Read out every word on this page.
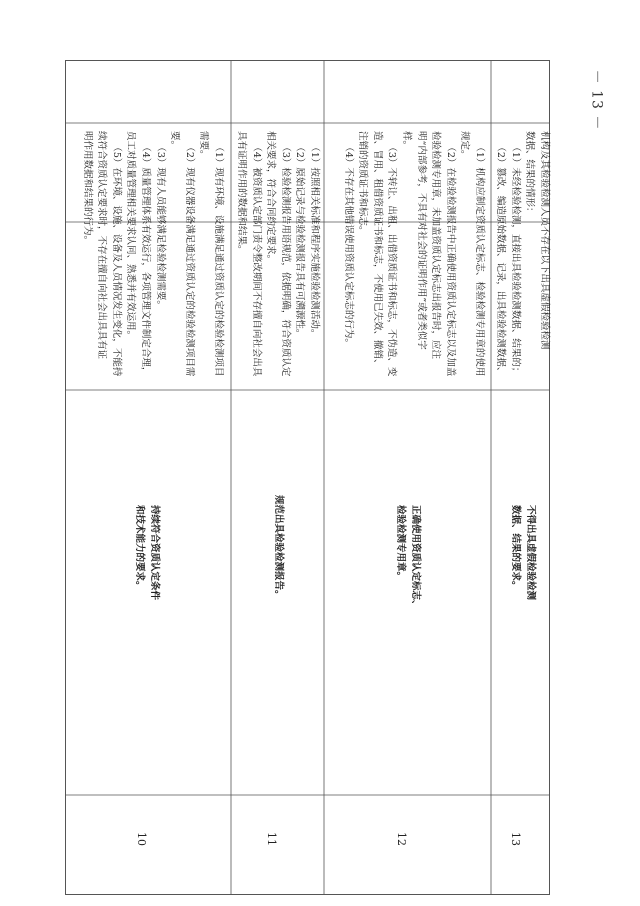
－ 13 －
10

持续符合资质认定条件

和技术能力的要求。

（1）现有环境、设施满足通过资质认定的检验检测项目

需要。

（2）现有仪器设备满足通过资质认定的检验检测项目需

要。

（3）现有人员能够满足检验检测需要。

（4）质量管理体系有效运行，各项管理文件制定合理，

员工对质量管理相关要求认同、熟悉并有效运用。

（5）在环境、设施、设备及人员情况发生变化，不能持

续符合资质认定要求时，不存在擅自向社会出具具有证

明作用数据和结果的行为。

11

规范出具检验检测报告。

（1）按照相关标准和程序实施检验检测活动。

（2）原始记录与检验检测报告具有可溯源性。

（3）检验检测报告用语规范，依据明确，符合资质认定

相关要求，符合合同约定要求。

（4）被资质认定部门责令整改期间不存擅自向社会出具

具有证明作用的数据和结果。

12

正确使用资质认定标志、

检验检测专用章。

（1）机构应制定资质认定标志、检验检测专用章的使用

规定。

（2）在检验检测报告中正确使用资质认定标志以及加盖

检验检测专用章，未加盖资质认定标志出报告时，应注

明“内部参考，不具有对社会的证明作用”或者类似字

样。

（3）不转让、出租、出借资质证书和标志，不伪造、变

造、冒用、租借资质证书和标志，不使用已失效、撤销、

注销的资质证书和标志。

（4）不存在其他错误使用资质认定标志的行为。

13

不得出具虚假检验检测

数据、结果的要求。

机构及其检验检测人员不存在以下出具虚假检验检测

数据、结果的情形：

（1）未经检验检测，直接出具检验检测数据、结果的；

（2）篡改、编造原始数据、记录，出具检验检测数据、
